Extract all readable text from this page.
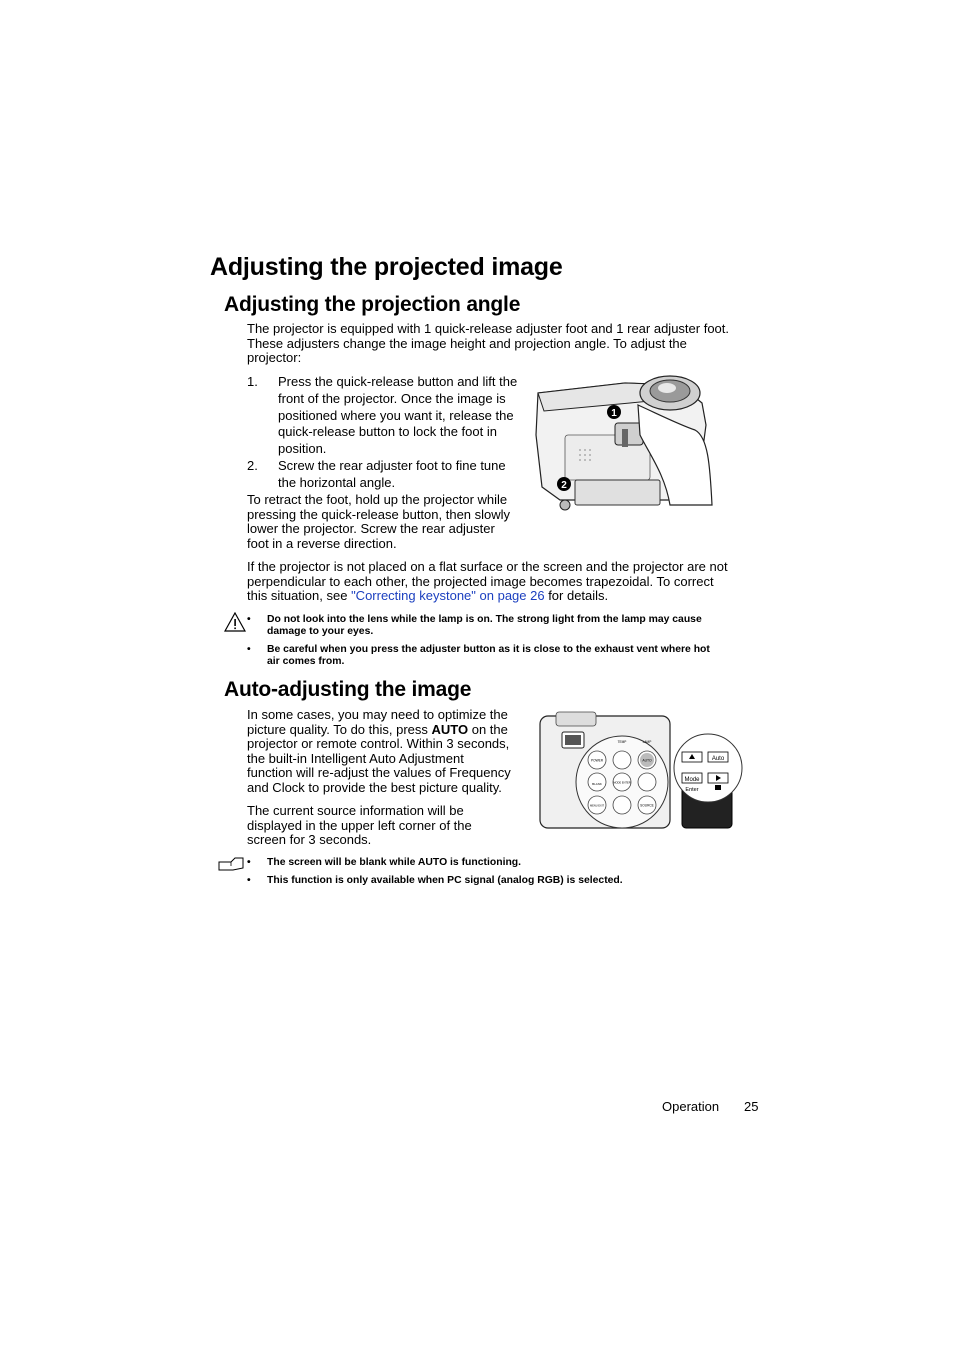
Adjusting the projected image
Adjusting the projection angle
The projector is equipped with 1 quick-release adjuster foot and 1 rear adjuster foot.
These adjusters change the image height and projection angle. To adjust the
projector:
1. Press the quick-release button and lift the
front of the projector. Once the image is
positioned where you want it, release the
quick-release button to lock the foot in
position.
2. Screw the rear adjuster foot to fine tune
the horizontal angle.
To retract the foot, hold up the projector while
pressing the quick-release button, then slowly
lower the projector. Screw the rear adjuster
foot in a reverse direction.
1
2
If the projector is not placed on a flat surface or the screen and the projector are not
perpendicular to each other, the projected image becomes trapezoidal. To correct
this situation, see "Correcting keystone" on page 26 for details.
• Do not look into the lens while the lamp is on. The strong light from the lamp may cause
damage to your eyes.
• Be careful when you press the adjuster button as it is close to the exhaust vent where hot
air comes from.
Auto-adjusting the image
In some cases, you may need to optimize the
picture quality. To do this, press AUTO on the
projector or remote control. Within 3 seconds,
the built-in Intelligent Auto Adjustment
function will re-adjust the values of Frequency
and Clock to provide the best picture quality.
The current source information will be
displayed in the upper left corner of the
screen for 3 seconds.
POWER
TEMP	LAMP
AUTO
BLANK	MODE ENTER
MENU EXIT	SOURCE
Auto
Mode
Enter
• The screen will be blank while AUTO is functioning.
• This function is only available when PC signal (analog RGB) is selected.
Operation 25
